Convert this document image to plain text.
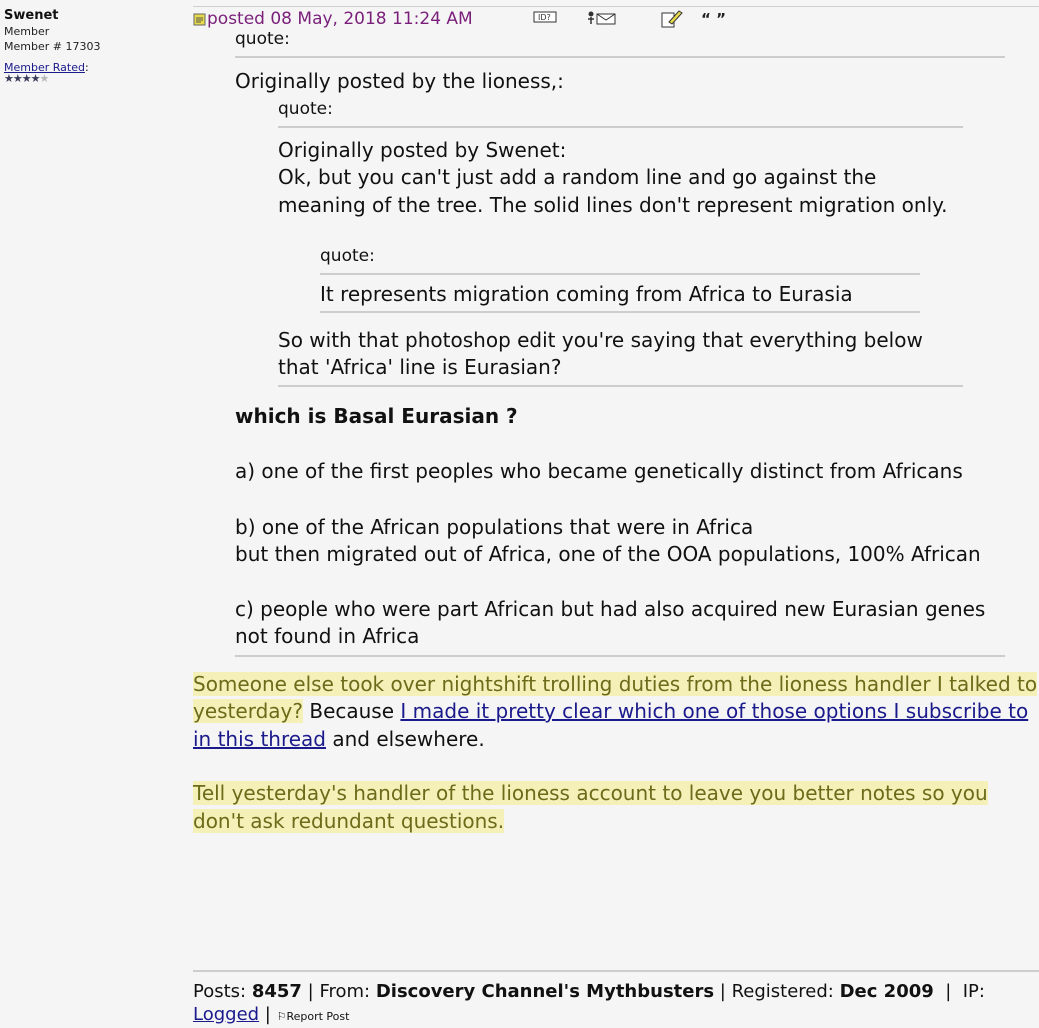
Swenet
Member
Member # 17303
Member Rated:
★★★★★
posted 08 May, 2018 11:24 AM	ID?	“ ”
quote:
Originally posted by the lioness,:
quote:
Originally posted by Swenet:
Ok, but you can't just add a random line and go against the meaning of the tree. The solid lines don't represent migration only.
quote:
It represents migration coming from Africa to Eurasia
So with that photoshop edit you're saying that everything below that 'Africa' line is Eurasian?
which is Basal Eurasian ?
a) one of the first peoples who became genetically distinct from Africans
b) one of the African populations that were in Africa
but then migrated out of Africa, one of the OOA populations, 100% African
c) people who were part African but had also acquired new Eurasian genes not found in Africa
Someone else took over nightshift trolling duties from the lioness handler I talked to yesterday? Because I made it pretty clear which one of those options I subscribe to in this thread and elsewhere.
Tell yesterday's handler of the lioness account to leave you better notes so you don't ask redundant questions.
Posts: 8457 | From: Discovery Channel's Mythbusters | Registered: Dec 2009  |  IP:
Logged | ⚐Report Post
